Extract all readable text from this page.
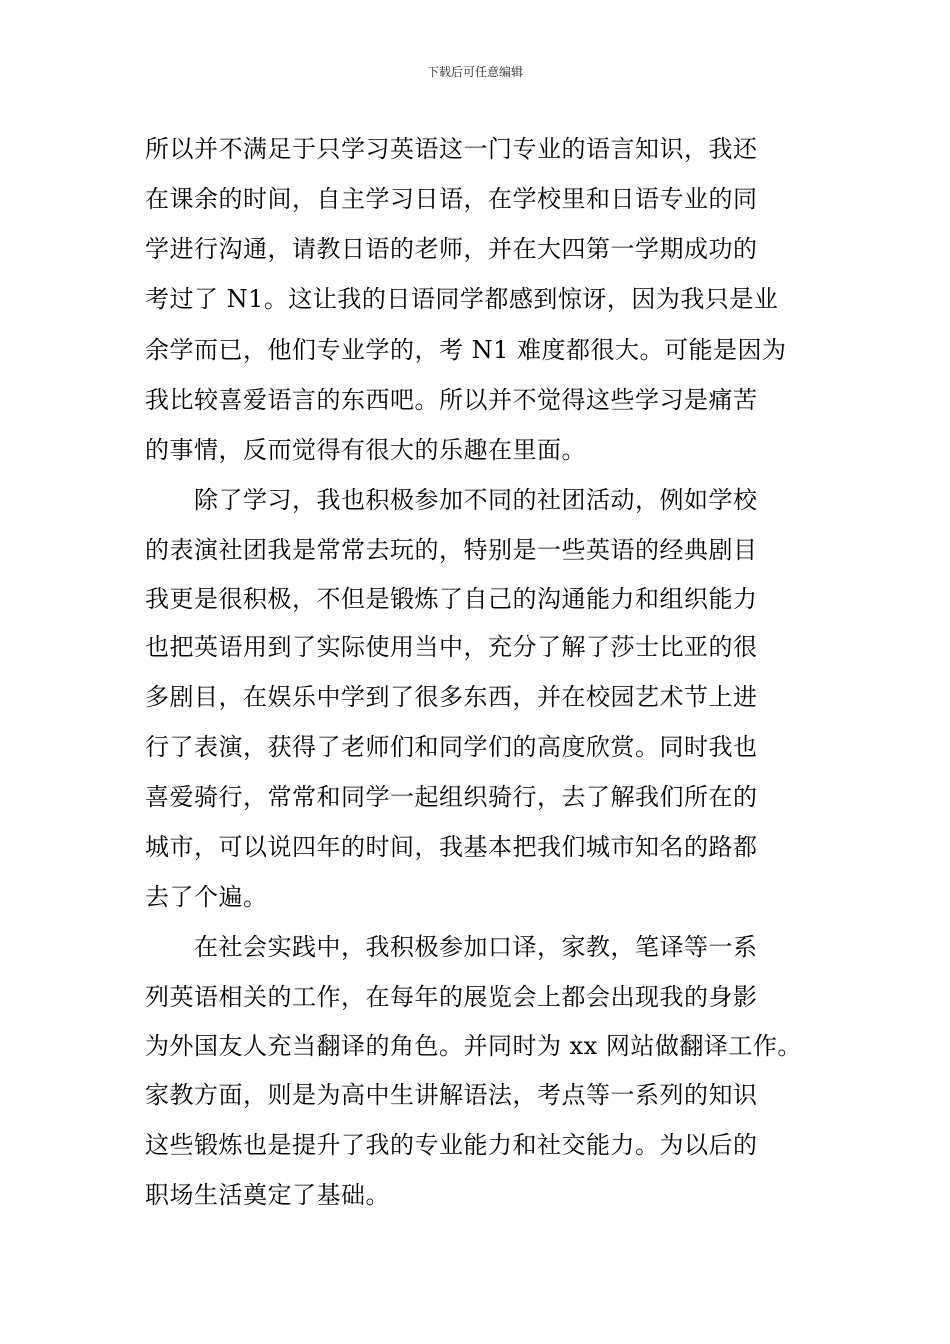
下载后可任意编辑
所以并不满足于只学习英语这一门专业的语言知识，我还
在课余的时间，自主学习日语，在学校里和日语专业的同
学进行沟通，请教日语的老师，并在大四第一学期成功的
考过了 N1。这让我的日语同学都感到惊讶，因为我只是业
余学而已，他们专业学的，考 N1 难度都很大。可能是因为
我比较喜爱语言的东西吧。所以并不觉得这些学习是痛苦
的事情，反而觉得有很大的乐趣在里面。
　　除了学习，我也积极参加不同的社团活动，例如学校
的表演社团我是常常去玩的，特别是一些英语的经典剧目
我更是很积极，不但是锻炼了自己的沟通能力和组织能力
也把英语用到了实际使用当中，充分了解了莎士比亚的很
多剧目，在娱乐中学到了很多东西，并在校园艺术节上进
行了表演，获得了老师们和同学们的高度欣赏。同时我也
喜爱骑行，常常和同学一起组织骑行，去了解我们所在的
城市，可以说四年的时间，我基本把我们城市知名的路都
去了个遍。
　　在社会实践中，我积极参加口译，家教，笔译等一系
列英语相关的工作，在每年的展览会上都会出现我的身影
为外国友人充当翻译的角色。并同时为 xx 网站做翻译工作。
家教方面，则是为高中生讲解语法，考点等一系列的知识
这些锻炼也是提升了我的专业能力和社交能力。为以后的
职场生活奠定了基础。
